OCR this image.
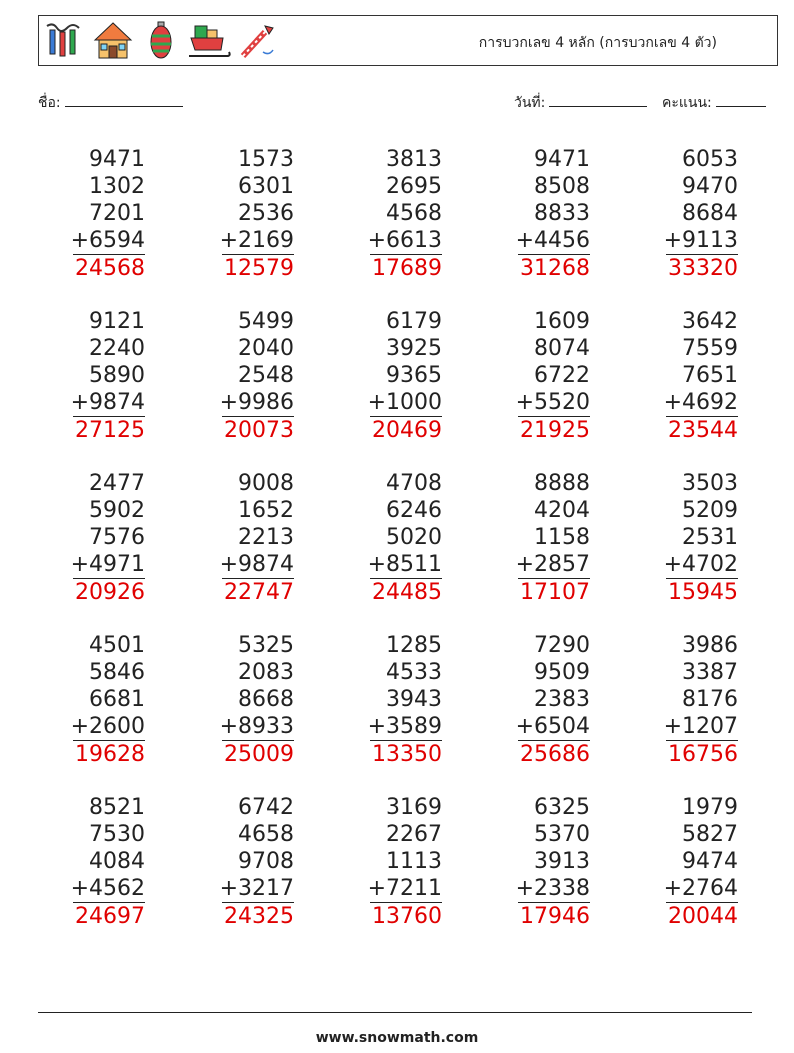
การบวกเลข 4 หลัก (การบวกเลข 4 ตัว)
ชื่อ:	วันที่:	คะแนน:
9471
1302
7201
+6594
24568
1573
6301
2536
+2169
12579
3813
2695
4568
+6613
17689
9471
8508
8833
+4456
31268
6053
9470
8684
+9113
33320
9121
2240
5890
+9874
27125
5499
2040
2548
+9986
20073
6179
3925
9365
+1000
20469
1609
8074
6722
+5520
21925
3642
7559
7651
+4692
23544
2477
5902
7576
+4971
20926
9008
1652
2213
+9874
22747
4708
6246
5020
+8511
24485
8888
4204
1158
+2857
17107
3503
5209
2531
+4702
15945
4501
5846
6681
+2600
19628
5325
2083
8668
+8933
25009
1285
4533
3943
+3589
13350
7290
9509
2383
+6504
25686
3986
3387
8176
+1207
16756
8521
7530
4084
+4562
24697
6742
4658
9708
+3217
24325
3169
2267
1113
+7211
13760
6325
5370
3913
+2338
17946
1979
5827
9474
+2764
20044
www.snowmath.com
